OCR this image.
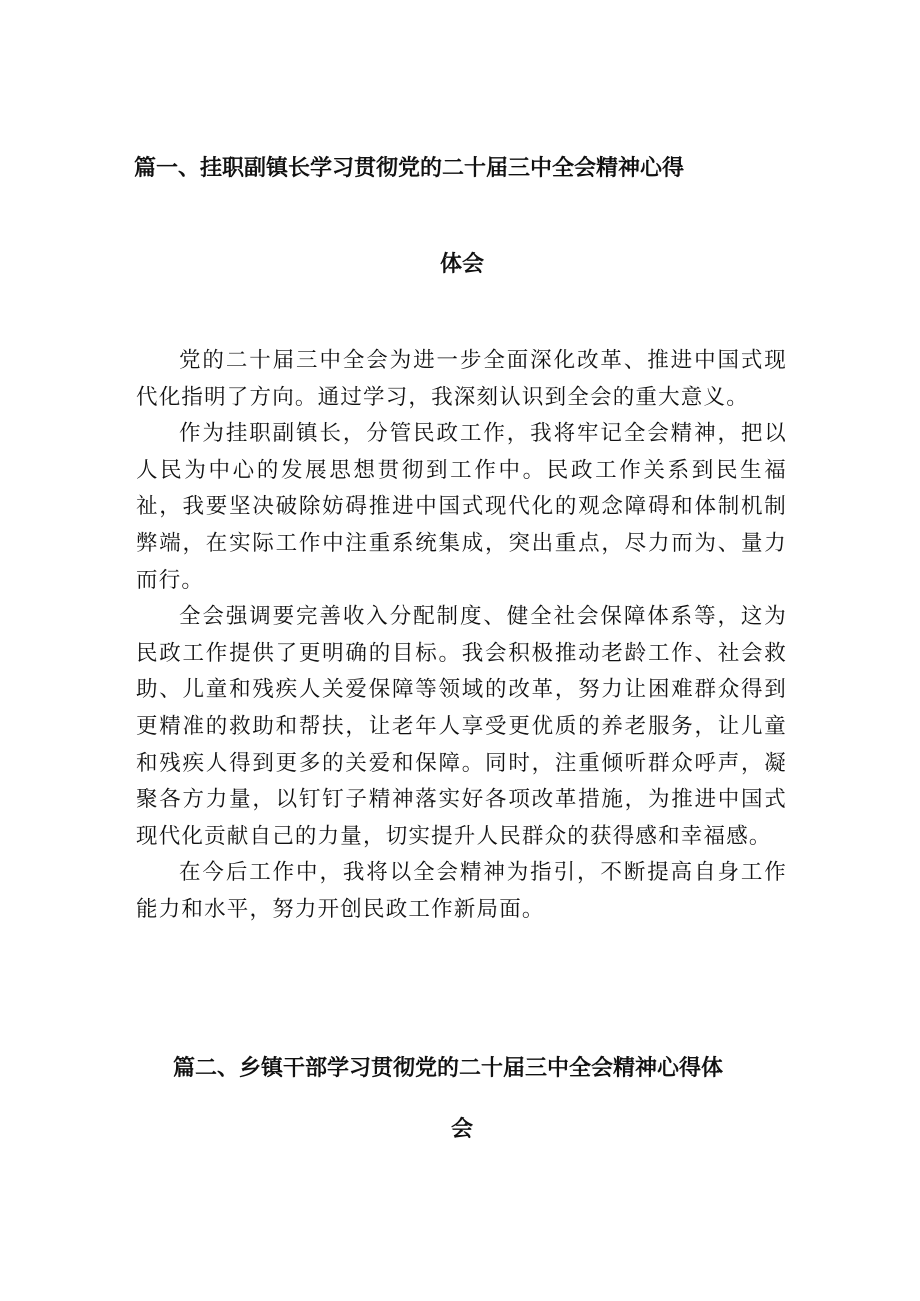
篇一、挂职副镇长学习贯彻党的二十届三中全会精神心得
体会

党的二十届三中全会为进一步全面深化改革、推进中国式现代化指明了方向。通过学习，我深刻认识到全会的重大意义。

作为挂职副镇长，分管民政工作，我将牢记全会精神，把以人民为中心的发展思想贯彻到工作中。民政工作关系到民生福祉，我要坚决破除妨碍推进中国式现代化的观念障碍和体制机制弊端，在实际工作中注重系统集成，突出重点，尽力而为、量力而行。

全会强调要完善收入分配制度、健全社会保障体系等，这为民政工作提供了更明确的目标。我会积极推动老龄工作、社会救助、儿童和残疾人关爱保障等领域的改革，努力让困难群众得到更精准的救助和帮扶，让老年人享受更优质的养老服务，让儿童和残疾人得到更多的关爱和保障。同时，注重倾听群众呼声，凝聚各方力量，以钉钉子精神落实好各项改革措施，为推进中国式现代化贡献自己的力量，切实提升人民群众的获得感和幸福感。

在今后工作中，我将以全会精神为指引，不断提高自身工作能力和水平，努力开创民政工作新局面。

篇二、乡镇干部学习贯彻党的二十届三中全会精神心得体
会
